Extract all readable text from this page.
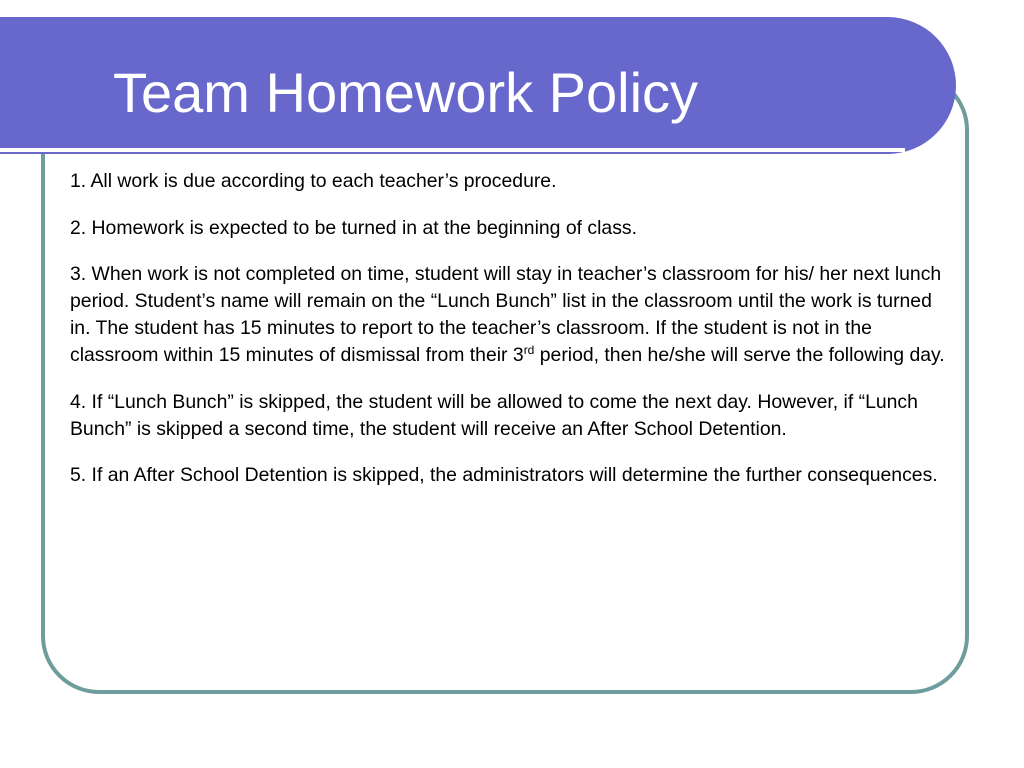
Team Homework Policy

1. All work is due according to each teacher’s procedure.

2. Homework is expected to be turned in at the beginning of class.

3. When work is not completed on time, student will stay in teacher’s classroom for his/ her next lunch period. Student’s name will remain on the “Lunch Bunch” list in the classroom until the work is turned in. The student has 15 minutes to report to the teacher’s classroom. If the student is not in the classroom within 15 minutes of dismissal from their 3rd period, then he/she will serve the following day.

4. If “Lunch Bunch” is skipped, the student will be allowed to come the next day. However, if “Lunch Bunch” is skipped a second time, the student will receive an After School Detention.

5. If an After School Detention is skipped, the administrators will determine the further consequences.
